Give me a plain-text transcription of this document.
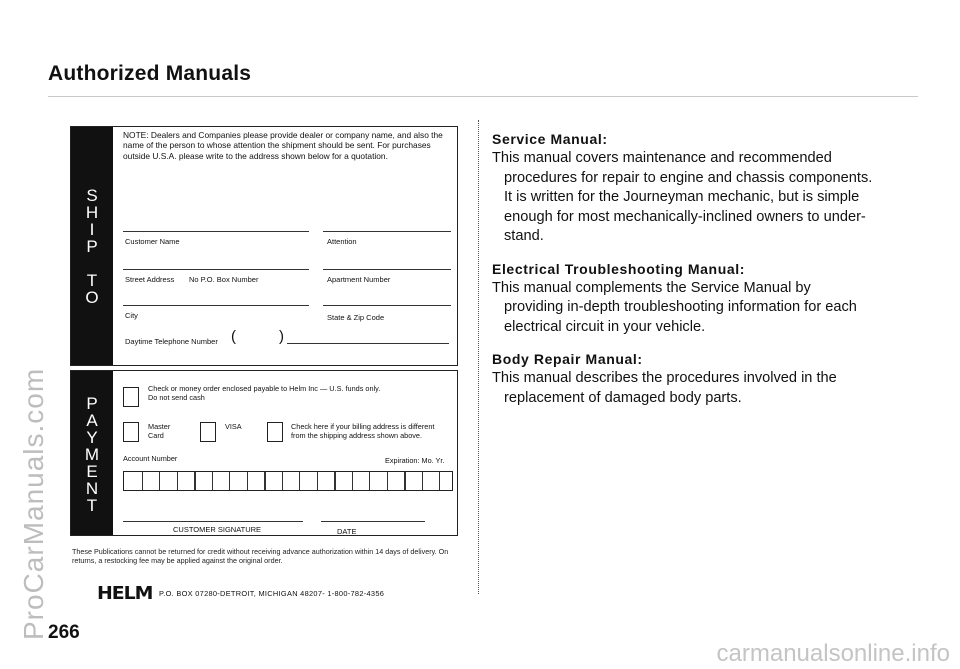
Authorized Manuals
S
H
I
P

T
O
NOTE: Dealers and Companies please provide dealer or company name, and also the name of the person to whose attention the shipment should be sent. For purchases outside U.S.A. please write to the address shown below for a quotation.
Customer Name	Attention
Street Address No P.O. Box Number	Apartment Number
City	State & Zip Code
Daytime Telephone Number (	)
P
A
Y
M
E
N
T
Check or money order enclosed payable to Helm Inc — U.S. funds only.
Do not send cash
Master
Card
VISA	Check here if your billing address is different
from the shipping address shown above.
Account Number	Expiration: Mo. Yr.
CUSTOMER SIGNATURE	DATE
These Publications cannot be returned for credit without receiving advance authorization within 14 days of delivery. On returns, a restocking fee may be applied against the original order.
HELM P.O. BOX 07280-DETROIT, MICHIGAN 48207- 1-800-782-4356
Service Manual:
This manual covers maintenance and recommended
procedures for repair to engine and chassis components.
It is written for the Journeyman mechanic, but is simple
enough for most mechanically-inclined owners to under-
stand.
Electrical Troubleshooting Manual:
This manual complements the Service Manual by
providing in-depth troubleshooting information for each
electrical circuit in your vehicle.
Body Repair Manual:
This manual describes the procedures involved in the
replacement of damaged body parts.
266
ProCarManuals.com
carmanualsonline.info
